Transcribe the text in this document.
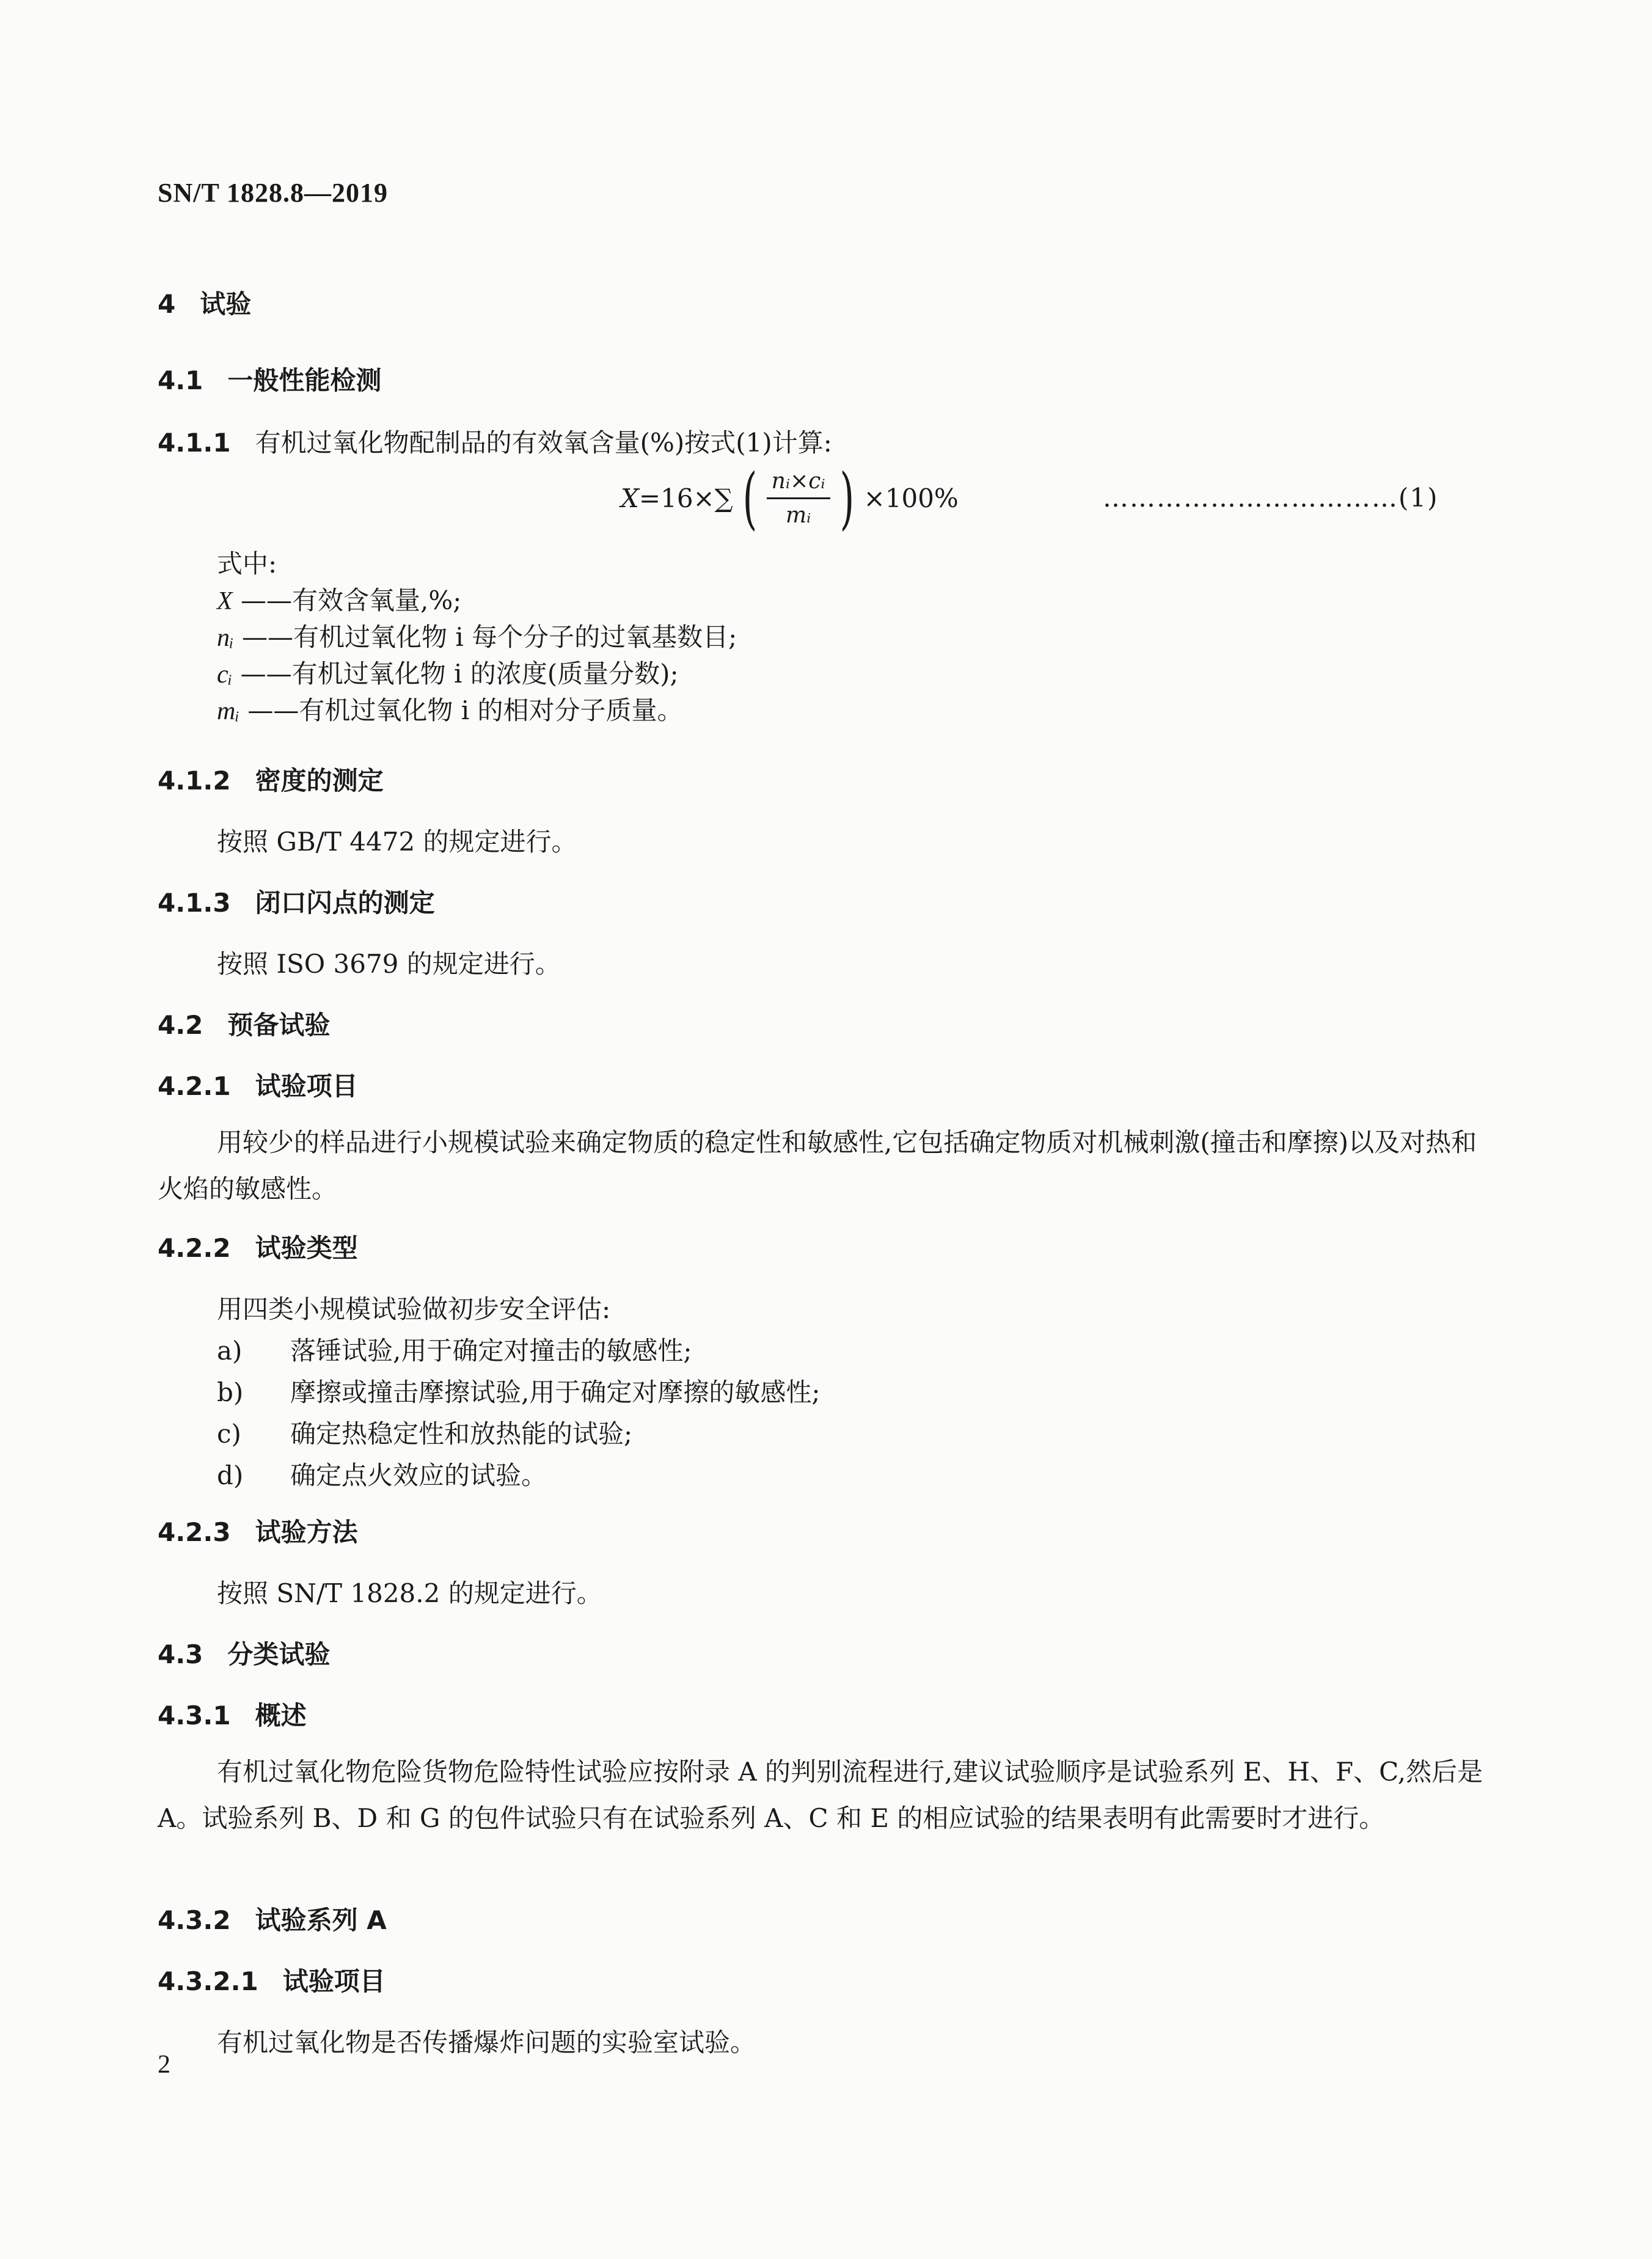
SN/T 1828.8—2019
4 试验
4.1 一般性能检测
4.1.1 有机过氧化物配制品的有效氧含量(%)按式(1)计算:
X =16×∑ ( $\frac{\text{nᵢ×cᵢ}}{\text{mᵢ}}$ ) ×100%	……………………………(1)
式中:
X ——有效含氧量,%;
nᵢ ——有机过氧化物 i 每个分子的过氧基数目;
cᵢ ——有机过氧化物 i 的浓度(质量分数);
mᵢ ——有机过氧化物 i 的相对分子质量。
4.1.2 密度的测定
按照 GB/T 4472 的规定进行。
4.1.3 闭口闪点的测定
按照 ISO 3679 的规定进行。
4.2 预备试验
4.2.1 试验项目
用较少的样品进行小规模试验来确定物质的稳定性和敏感性,它包括确定物质对机械刺激(撞击和摩擦)以及对热和火焰的敏感性。
4.2.2 试验类型
用四类小规模试验做初步安全评估:
a) 落锤试验,用于确定对撞击的敏感性;
b) 摩擦或撞击摩擦试验,用于确定对摩擦的敏感性;
c) 确定热稳定性和放热能的试验;
d) 确定点火效应的试验。
4.2.3 试验方法
按照 SN/T 1828.2 的规定进行。
4.3 分类试验
4.3.1 概述
有机过氧化物危险货物危险特性试验应按附录 A 的判别流程进行,建议试验顺序是试验系列 E、H、F、C,然后是 A。试验系列 B、D 和 G 的包件试验只有在试验系列 A、C 和 E 的相应试验的结果表明有此需要时才进行。
4.3.2 试验系列 A
4.3.2.1 试验项目
有机过氧化物是否传播爆炸问题的实验室试验。
2
